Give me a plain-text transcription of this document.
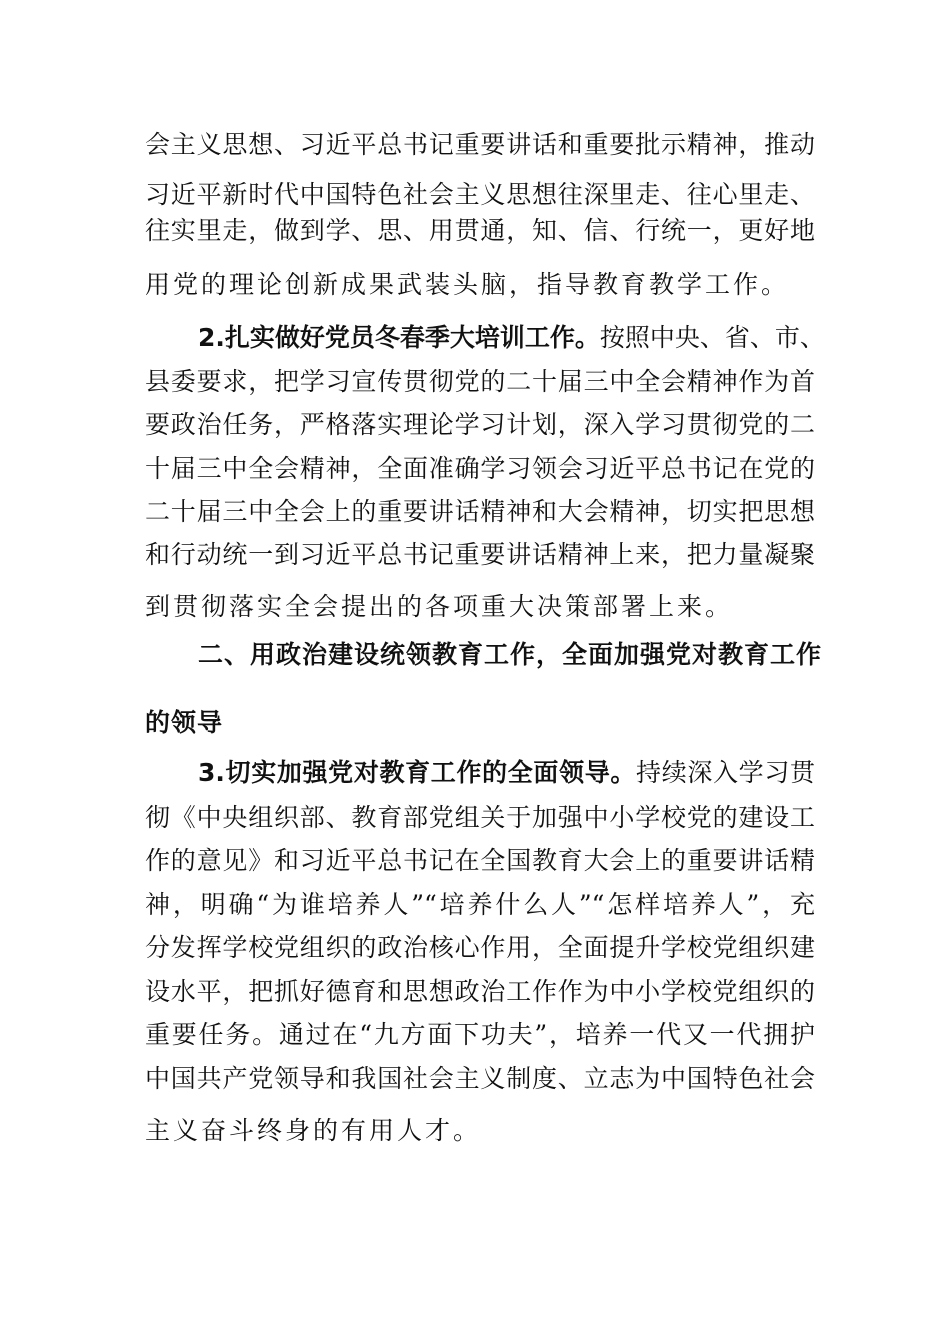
会主义思想、习近平总书记重要讲话和重要批示精神，推动
习近平新时代中国特色社会主义思想往深里走、往心里走、
往实里走，做到学、思、用贯通，知、信、行统一，更好地
用党的理论创新成果武装头脑，指导教育教学工作。
2.扎实做好党员冬春季大培训工作。按照中央、省、市、
县委要求，把学习宣传贯彻党的二十届三中全会精神作为首
要政治任务，严格落实理论学习计划，深入学习贯彻党的二
十届三中全会精神，全面准确学习领会习近平总书记在党的
二十届三中全会上的重要讲话精神和大会精神，切实把思想
和行动统一到习近平总书记重要讲话精神上来，把力量凝聚
到贯彻落实全会提出的各项重大决策部署上来。
二、用政治建设统领教育工作，全面加强党对教育工作
的领导
3.切实加强党对教育工作的全面领导。持续深入学习贯
彻《中央组织部、教育部党组关于加强中小学校党的建设工
作的意见》和习近平总书记在全国教育大会上的重要讲话精
神，明确“为谁培养人”“培养什么人”“怎样培养人”，充
分发挥学校党组织的政治核心作用，全面提升学校党组织建
设水平，把抓好德育和思想政治工作作为中小学校党组织的
重要任务。通过在“九方面下功夫”，培养一代又一代拥护
中国共产党领导和我国社会主义制度、立志为中国特色社会
主义奋斗终身的有用人才。
